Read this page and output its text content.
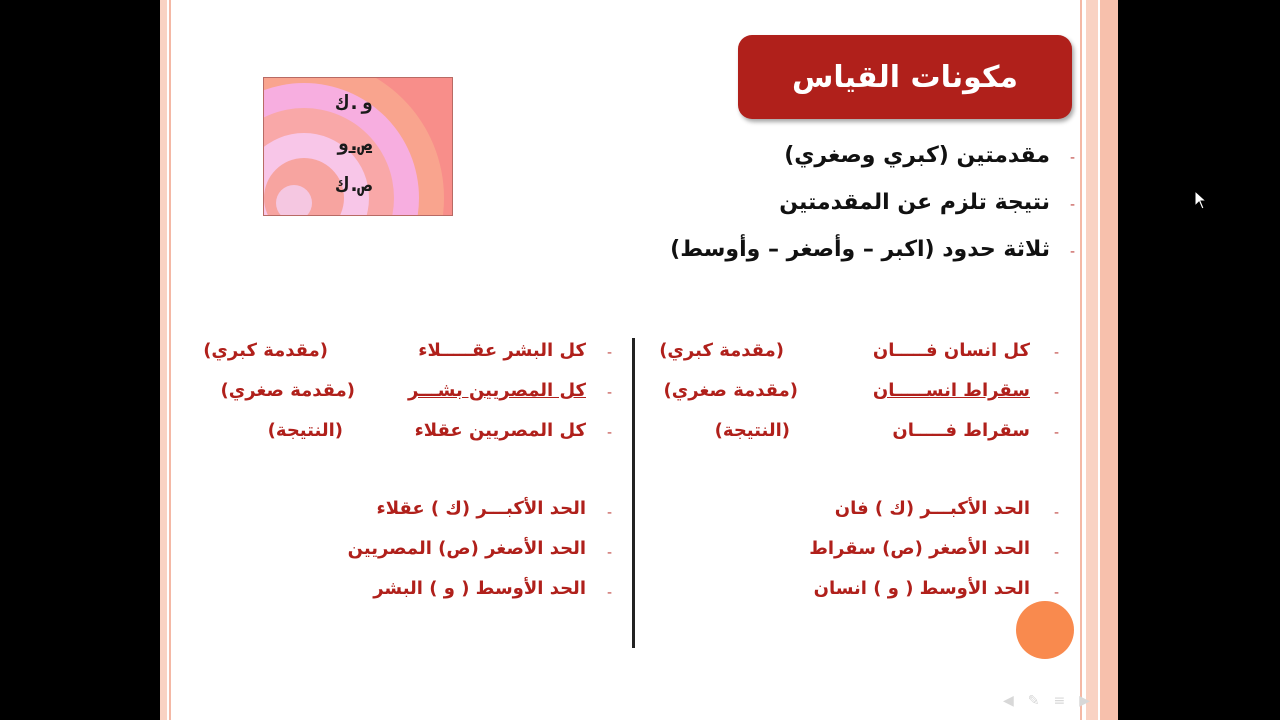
مكونات القياس
و.ك
ص.و
ص.ك
-
مقدمتين (كبري وصغري)
-
نتيجة تلزم عن المقدمتين
-
ثلاثة حدود (اكبر – وأصغر – وأوسط)
-
كل انسان فـــــان
(مقدمة كبري)
-
سقراط انســـــان
(مقدمة صغري)
-
سقراط فـــــان
(النتيجة)
-
الحد الأكبـــر (ك ) فان
-
الحد الأصغر (ص) سقراط
-
الحد الأوسط ( و ) انسان
-
كل البشر عقـــــلاء
(مقدمة كبري)
-
كل المصريين بشـــر
(مقدمة صغري)
-
كل المصريين عقلاء
(النتيجة)
-
الحد الأكبـــر (ك ) عقلاء
-
الحد الأصغر (ص) المصريين
-
الحد الأوسط ( و ) البشر
◀✎≡▶
